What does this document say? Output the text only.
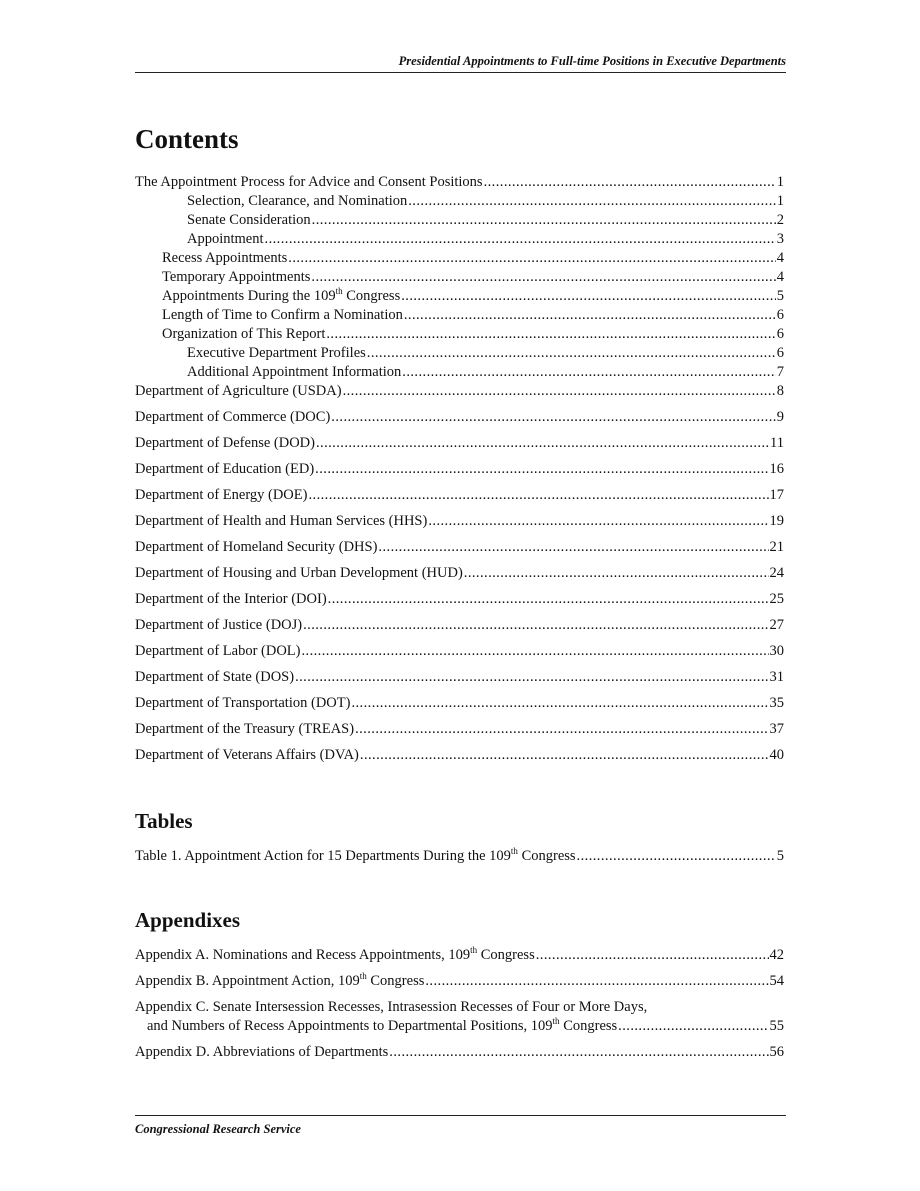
Presidential Appointments to Full-time Positions in Executive Departments
Contents
The Appointment Process for Advice and Consent Positions . . .	1
Selection, Clearance, and Nomination . . .	1
Senate Consideration . . .	2
Appointment . . .	3
Recess Appointments . . .	4
Temporary Appointments . . .	4
Appointments During the 109th Congress . . .	5
Length of Time to Confirm a Nomination . . .	6
Organization of This Report . . .	6
Executive Department Profiles . . .	6
Additional Appointment Information . . .	7
Department of Agriculture (USDA) . . .	8
Department of Commerce (DOC) . . .	9
Department of Defense (DOD) . . .	11
Department of Education (ED) . . .	16
Department of Energy (DOE) . . .	17
Department of Health and Human Services (HHS) . . .	19
Department of Homeland Security (DHS) . . .	21
Department of Housing and Urban Development (HUD) . . .	24
Department of the Interior (DOI) . . .	25
Department of Justice (DOJ) . . .	27
Department of Labor (DOL) . . .	30
Department of State (DOS) . . .	31
Department of Transportation (DOT) . . .	35
Department of the Treasury (TREAS) . . .	37
Department of Veterans Affairs (DVA) . . .	40
Tables
Table 1. Appointment Action for 15 Departments During the 109th Congress . . .	5
Appendixes
Appendix A. Nominations and Recess Appointments, 109th Congress . . .	42
Appendix B. Appointment Action, 109th Congress . . .	54
Appendix C. Senate Intersession Recesses, Intrasession Recesses of Four or More Days,
and Numbers of Recess Appointments to Departmental Positions, 109th Congress . . .	55
Appendix D. Abbreviations of Departments . . .	56
Congressional Research Service
